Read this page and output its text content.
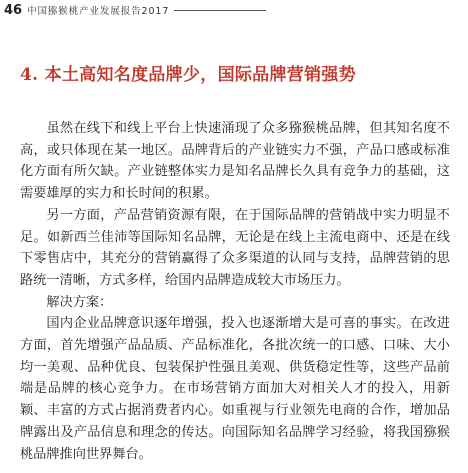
46 中国猕猴桃产业发展报告2017
4. 本土高知名度品牌少，国际品牌营销强势

虽然在线下和线上平台上快速涌现了众多猕猴桃品牌，但其知名度不高，或只体现在某一地区。品牌背后的产业链实力不强，产品口感或标准化方面有所欠缺。产业链整体实力是知名品牌长久具有竞争力的基础，这需要雄厚的实力和长时间的积累。

另一方面，产品营销资源有限，在于国际品牌的营销战中实力明显不足。如新西兰佳沛等国际知名品牌，无论是在线上主流电商中、还是在线下零售店中，其充分的营销赢得了众多渠道的认同与支持，品牌营销的思路统一清晰，方式多样，给国内品牌造成较大市场压力。

解决方案：

国内企业品牌意识逐年增强，投入也逐渐增大是可喜的事实。在改进方面，首先增强产品品质、产品标准化，各批次统一的口感、口味、大小均一美观、品种优良、包装保护性强且美观、供货稳定性等，这些产品前端是品牌的核心竞争力。在市场营销方面加大对相关人才的投入，用新颖、丰富的方式占据消费者内心。如重视与行业领先电商的合作，增加品牌露出及产品信息和理念的传达。向国际知名品牌学习经验，将我国猕猴桃品牌推向世界舞台。
